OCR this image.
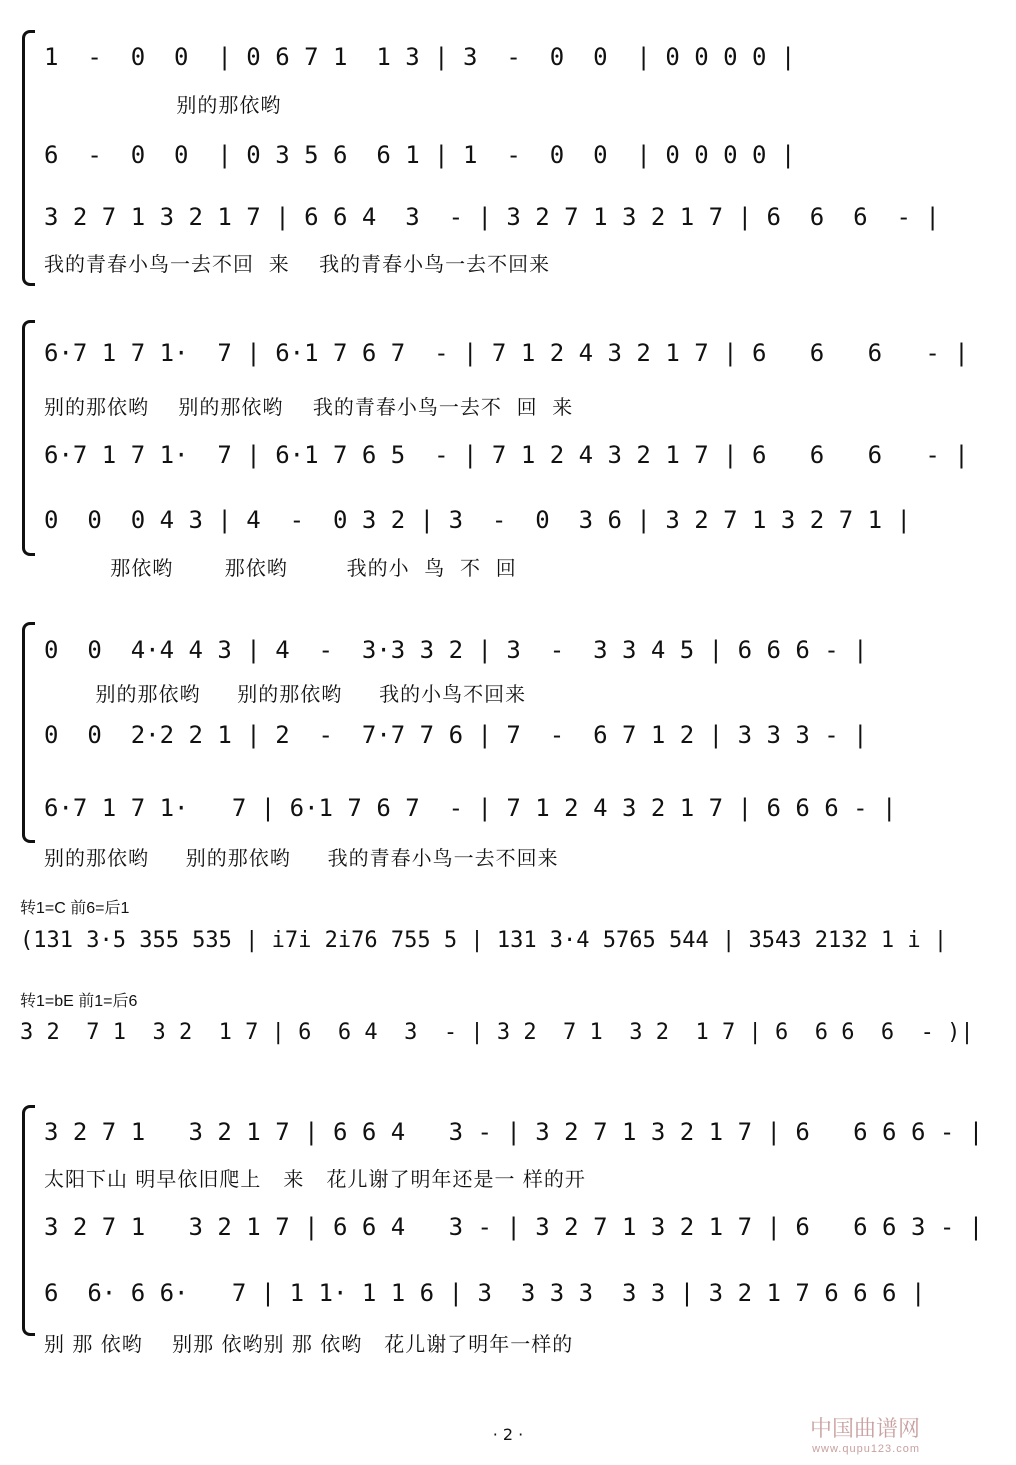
1  -  0  0  | 0 6 7 1  1 3 | 3  -  0  0  | 0 0 0 0 |
别的那依哟
6  -  0  0  | 0 3 5 6  6 1 | 1  -  0  0  | 0 0 0 0 |
3 2 7 1 3 2 1 7 | 6 6 4  3  - | 3 2 7 1 3 2 1 7 | 6  6  6  - |
我的青春小鸟一去不回  来    我的青春小鸟一去不回来
6·7 1 7 1·  7 | 6·1 7 6 7  - | 7 1 2 4 3 2 1 7 | 6   6   6   - |
别的那依哟    别的那依哟    我的青春小鸟一去不  回  来
6·7 1 7 1·  7 | 6·1 7 6 5  - | 7 1 2 4 3 2 1 7 | 6   6   6   - |
0  0  0 4 3 | 4  -  0 3 2 | 3  -  0  3 6 | 3 2 7 1 3 2 7 1 |
那依哟       那依哟        我的小  鸟  不  回
0  0  4·4 4 3 | 4  -  3·3 3 2 | 3  -  3 3 4 5 | 6 6 6 - |
别的那依哟     别的那依哟     我的小鸟不回来
0  0  2·2 2 1 | 2  -  7·7 7 6 | 7  -  6 7 1 2 | 3 3 3 - |
6·7 1 7 1·   7 | 6·1 7 6 7  - | 7 1 2 4 3 2 1 7 | 6 6 6 - |
别的那依哟     别的那依哟     我的青春小鸟一去不回来
转1=C 前6=后1
(131 3·5 355 535 | i7i 2i76 755 5 | 131 3·4 5765 544 | 3543 2132 1 i |
转1=bE 前1=后6
3 2  7 1  3 2  1 7 | 6  6 4  3  - | 3 2  7 1  3 2  1 7 | 6  6 6  6  - )|
3 2 7 1   3 2 1 7 | 6 6 4   3 - | 3 2 7 1 3 2 1 7 | 6   6 6 6 - |
太阳下山 明早依旧爬上   来   花儿谢了明年还是一 样的开
3 2 7 1   3 2 1 7 | 6 6 4   3 - | 3 2 7 1 3 2 1 7 | 6   6 6 3 - |
6  6· 6 6·   7 | 1 1· 1 1 6 | 3  3 3 3  3 3 | 3 2 1 7 6 6 6 |
别 那 依哟    别那 依哟别 那 依哟   花儿谢了明年一样的
· 2 ·	中国曲谱网
www.qupu123.com
